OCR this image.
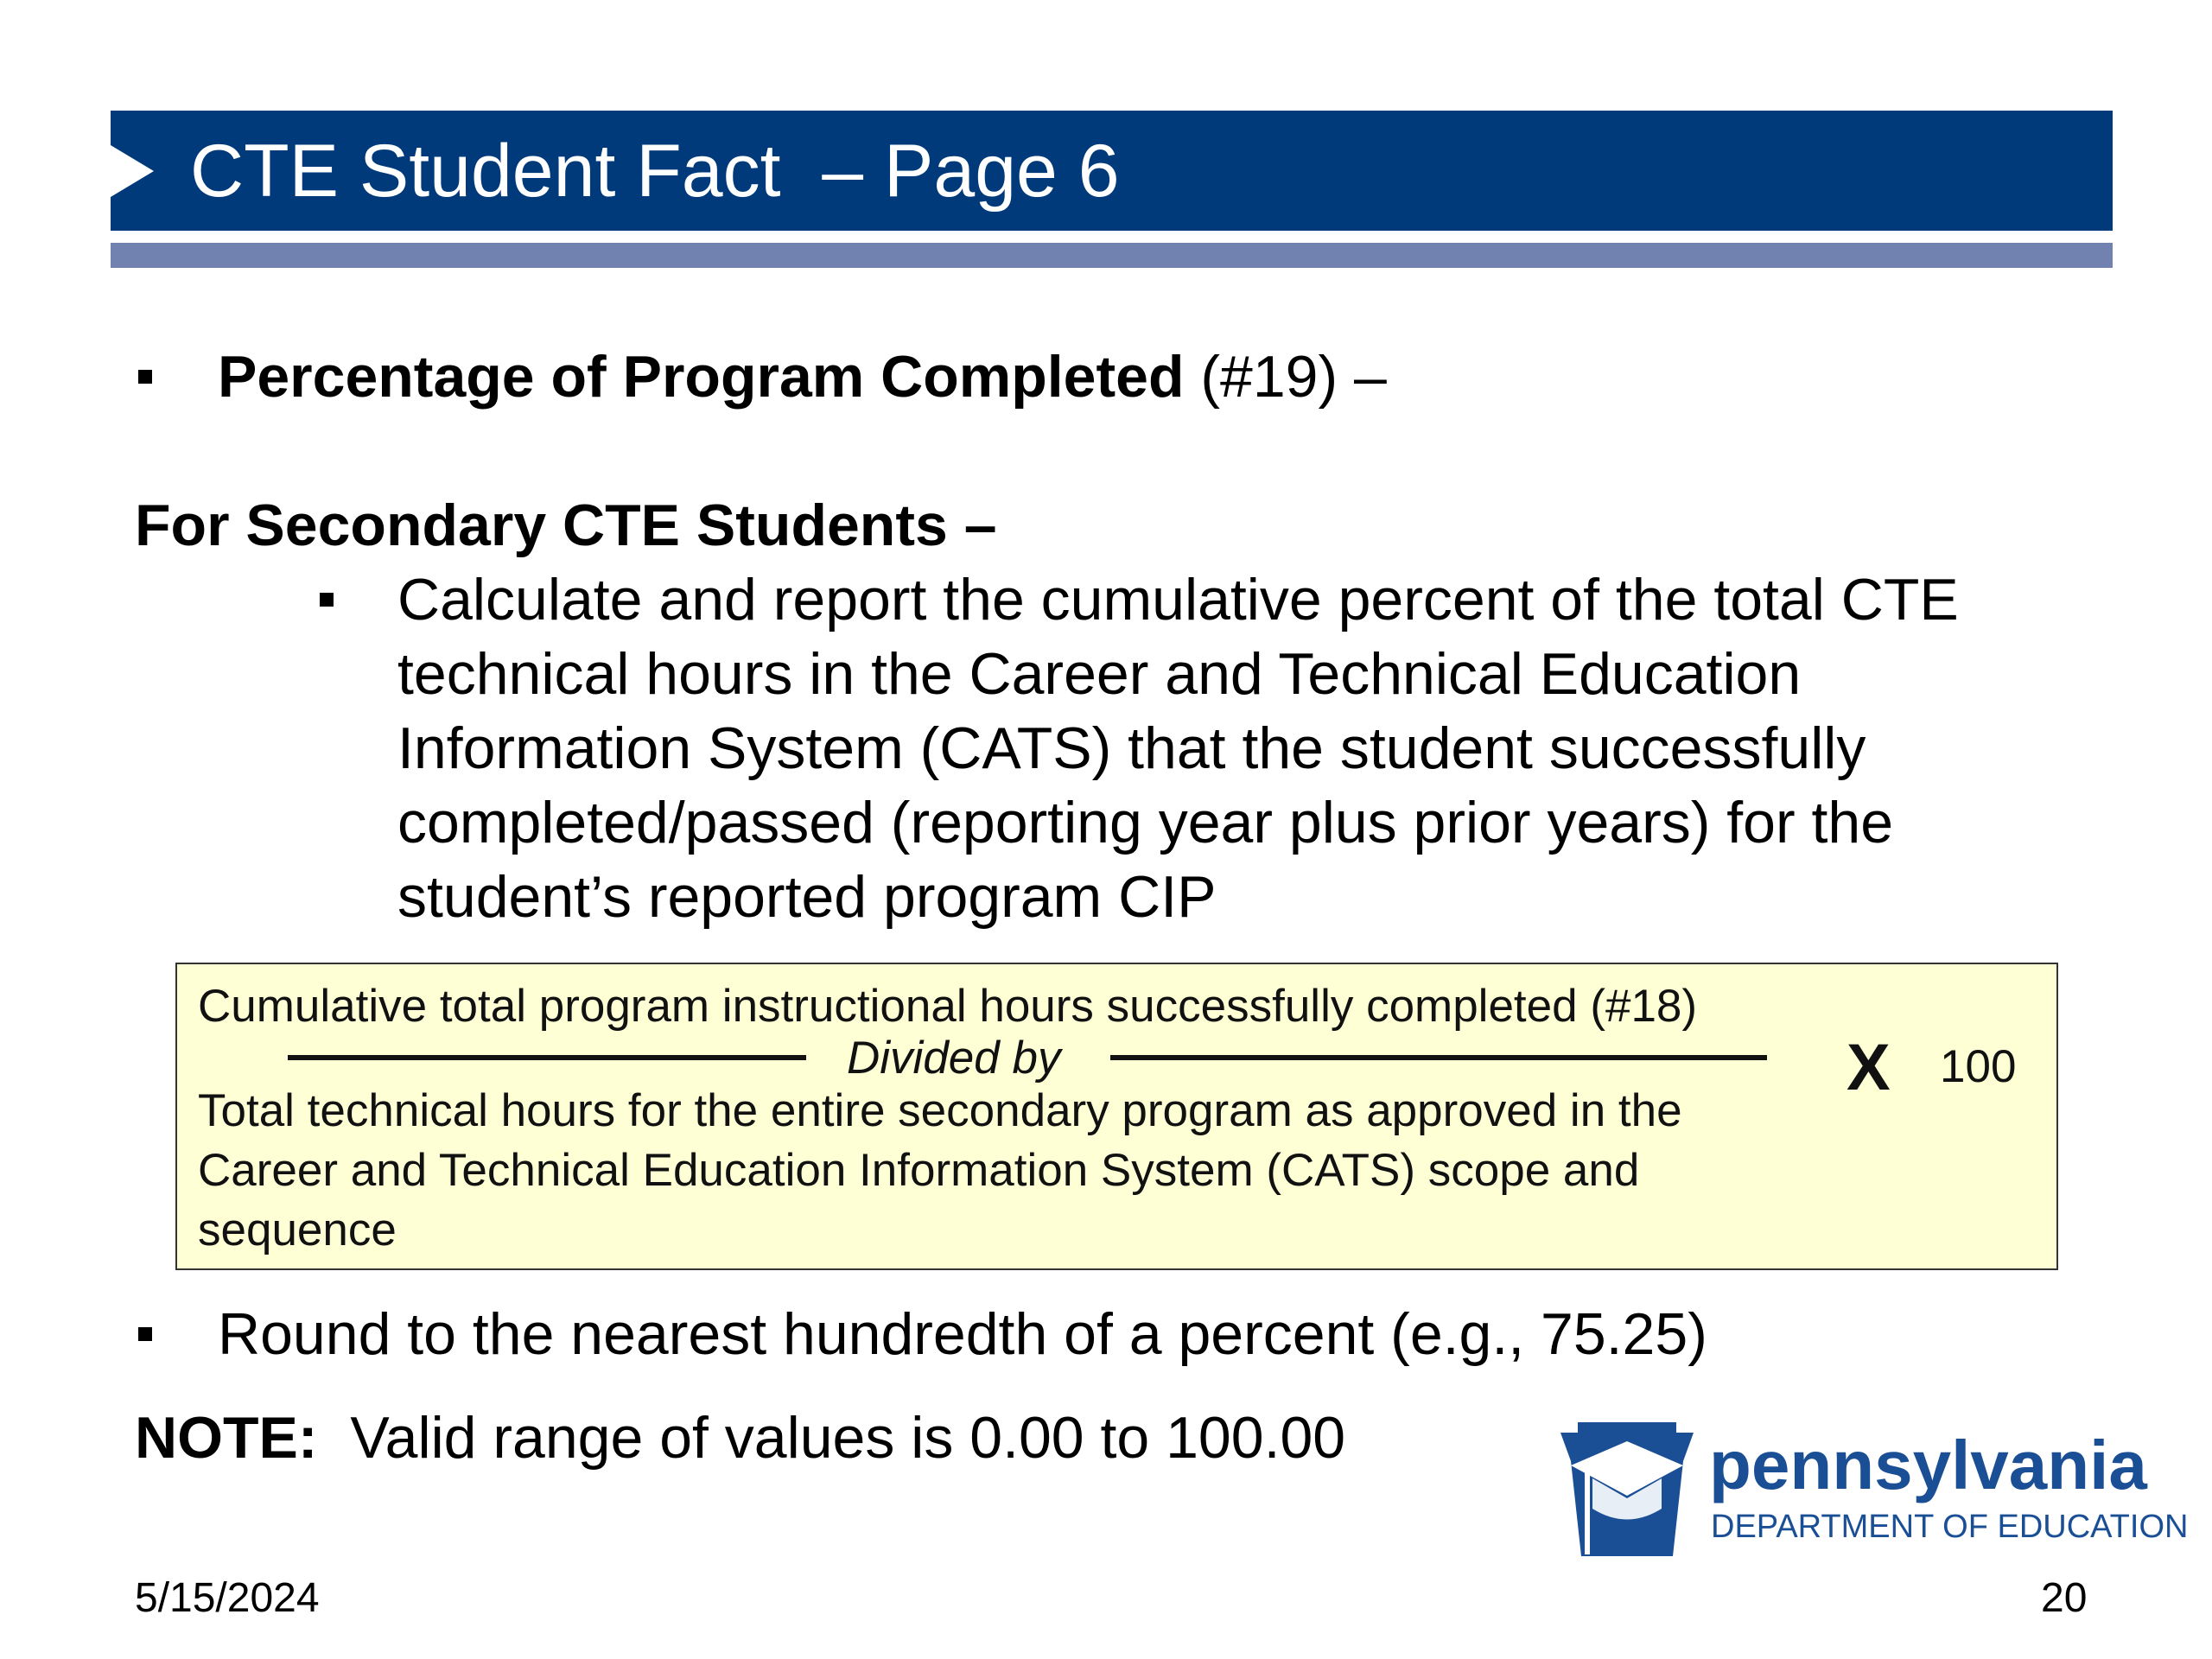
CTE Student Fact  – Page 6
Percentage of Program Completed (#19) –
For Secondary CTE Students –
Calculate and report the cumulative percent of the total CTE
technical hours in the Career and Technical Education
Information System (CATS) that the student successfully
completed/passed (reporting year plus prior years) for the
student’s reported program CIP
Cumulative total program instructional hours successfully completed (#18)
Divided by
Total technical hours for the entire secondary program as approved in the
Career and Technical Education Information System (CATS) scope and
sequence
X 100
Round to the nearest hundredth of a percent (e.g., 75.25)
NOTE: Valid range of values is 0.00 to 100.00	pennsylvania
DEPARTMENT OF EDUCATION
5/15/2024	20
